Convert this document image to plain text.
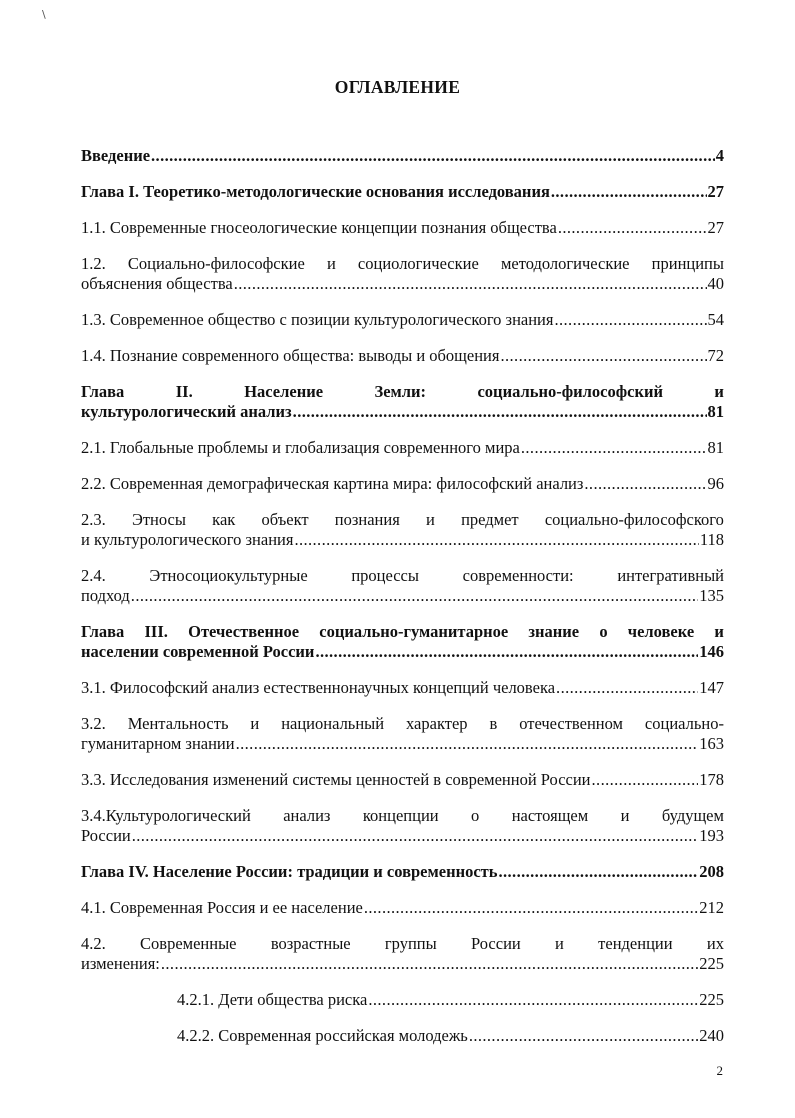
\
ОГЛАВЛЕНИЕ
Введение .....	4
Глава I. Теоретико-методологические основания исследования .....	27
1.1. Современные гносеологические концепции познания общества .....	27
1.2. Социально-философские и социологические методологические принципы
объяснения общества .....	40
1.3. Современное общество с позиции культурологического знания .....	54
1.4. Познание современного общества: выводы и обощения .....	72
Глава	II.	Население	Земли:	социально-философский	и
культурологический анализ .....	81
2.1. Глобальные проблемы и глобализация современного мира .....	81
2.2. Современная демографическая картина мира: философский анализ .....	96
2.3. Этносы как объект познания и предмет социально-философского
и культурологического знания .....	118
2.4.	Этносоциокультурные	процессы	современности:	интегративный
подход .....	135
Глава III. Отечественное социально-гуманитарное знание о человеке и
населении современной России .....	146
3.1. Философский анализ естественнонаучных концепций человека .....	147
3.2. Ментальность и национальный характер в отечественном социально-
гуманитарном знании .....	163
3.3. Исследования изменений системы ценностей в современной России .....	178
3.4.Культурологический анализ концепции о настоящем и будущем
России .....	193
Глава IV. Население России: традиции и современность .....	208
4.1. Современная Россия и ее население .....	212
4.2. Современные возрастные группы России и тенденции их
изменения: .....	225
4.2.1. Дети общества риска .....	225
4.2.2. Современная российская молодежь .....	240
2
